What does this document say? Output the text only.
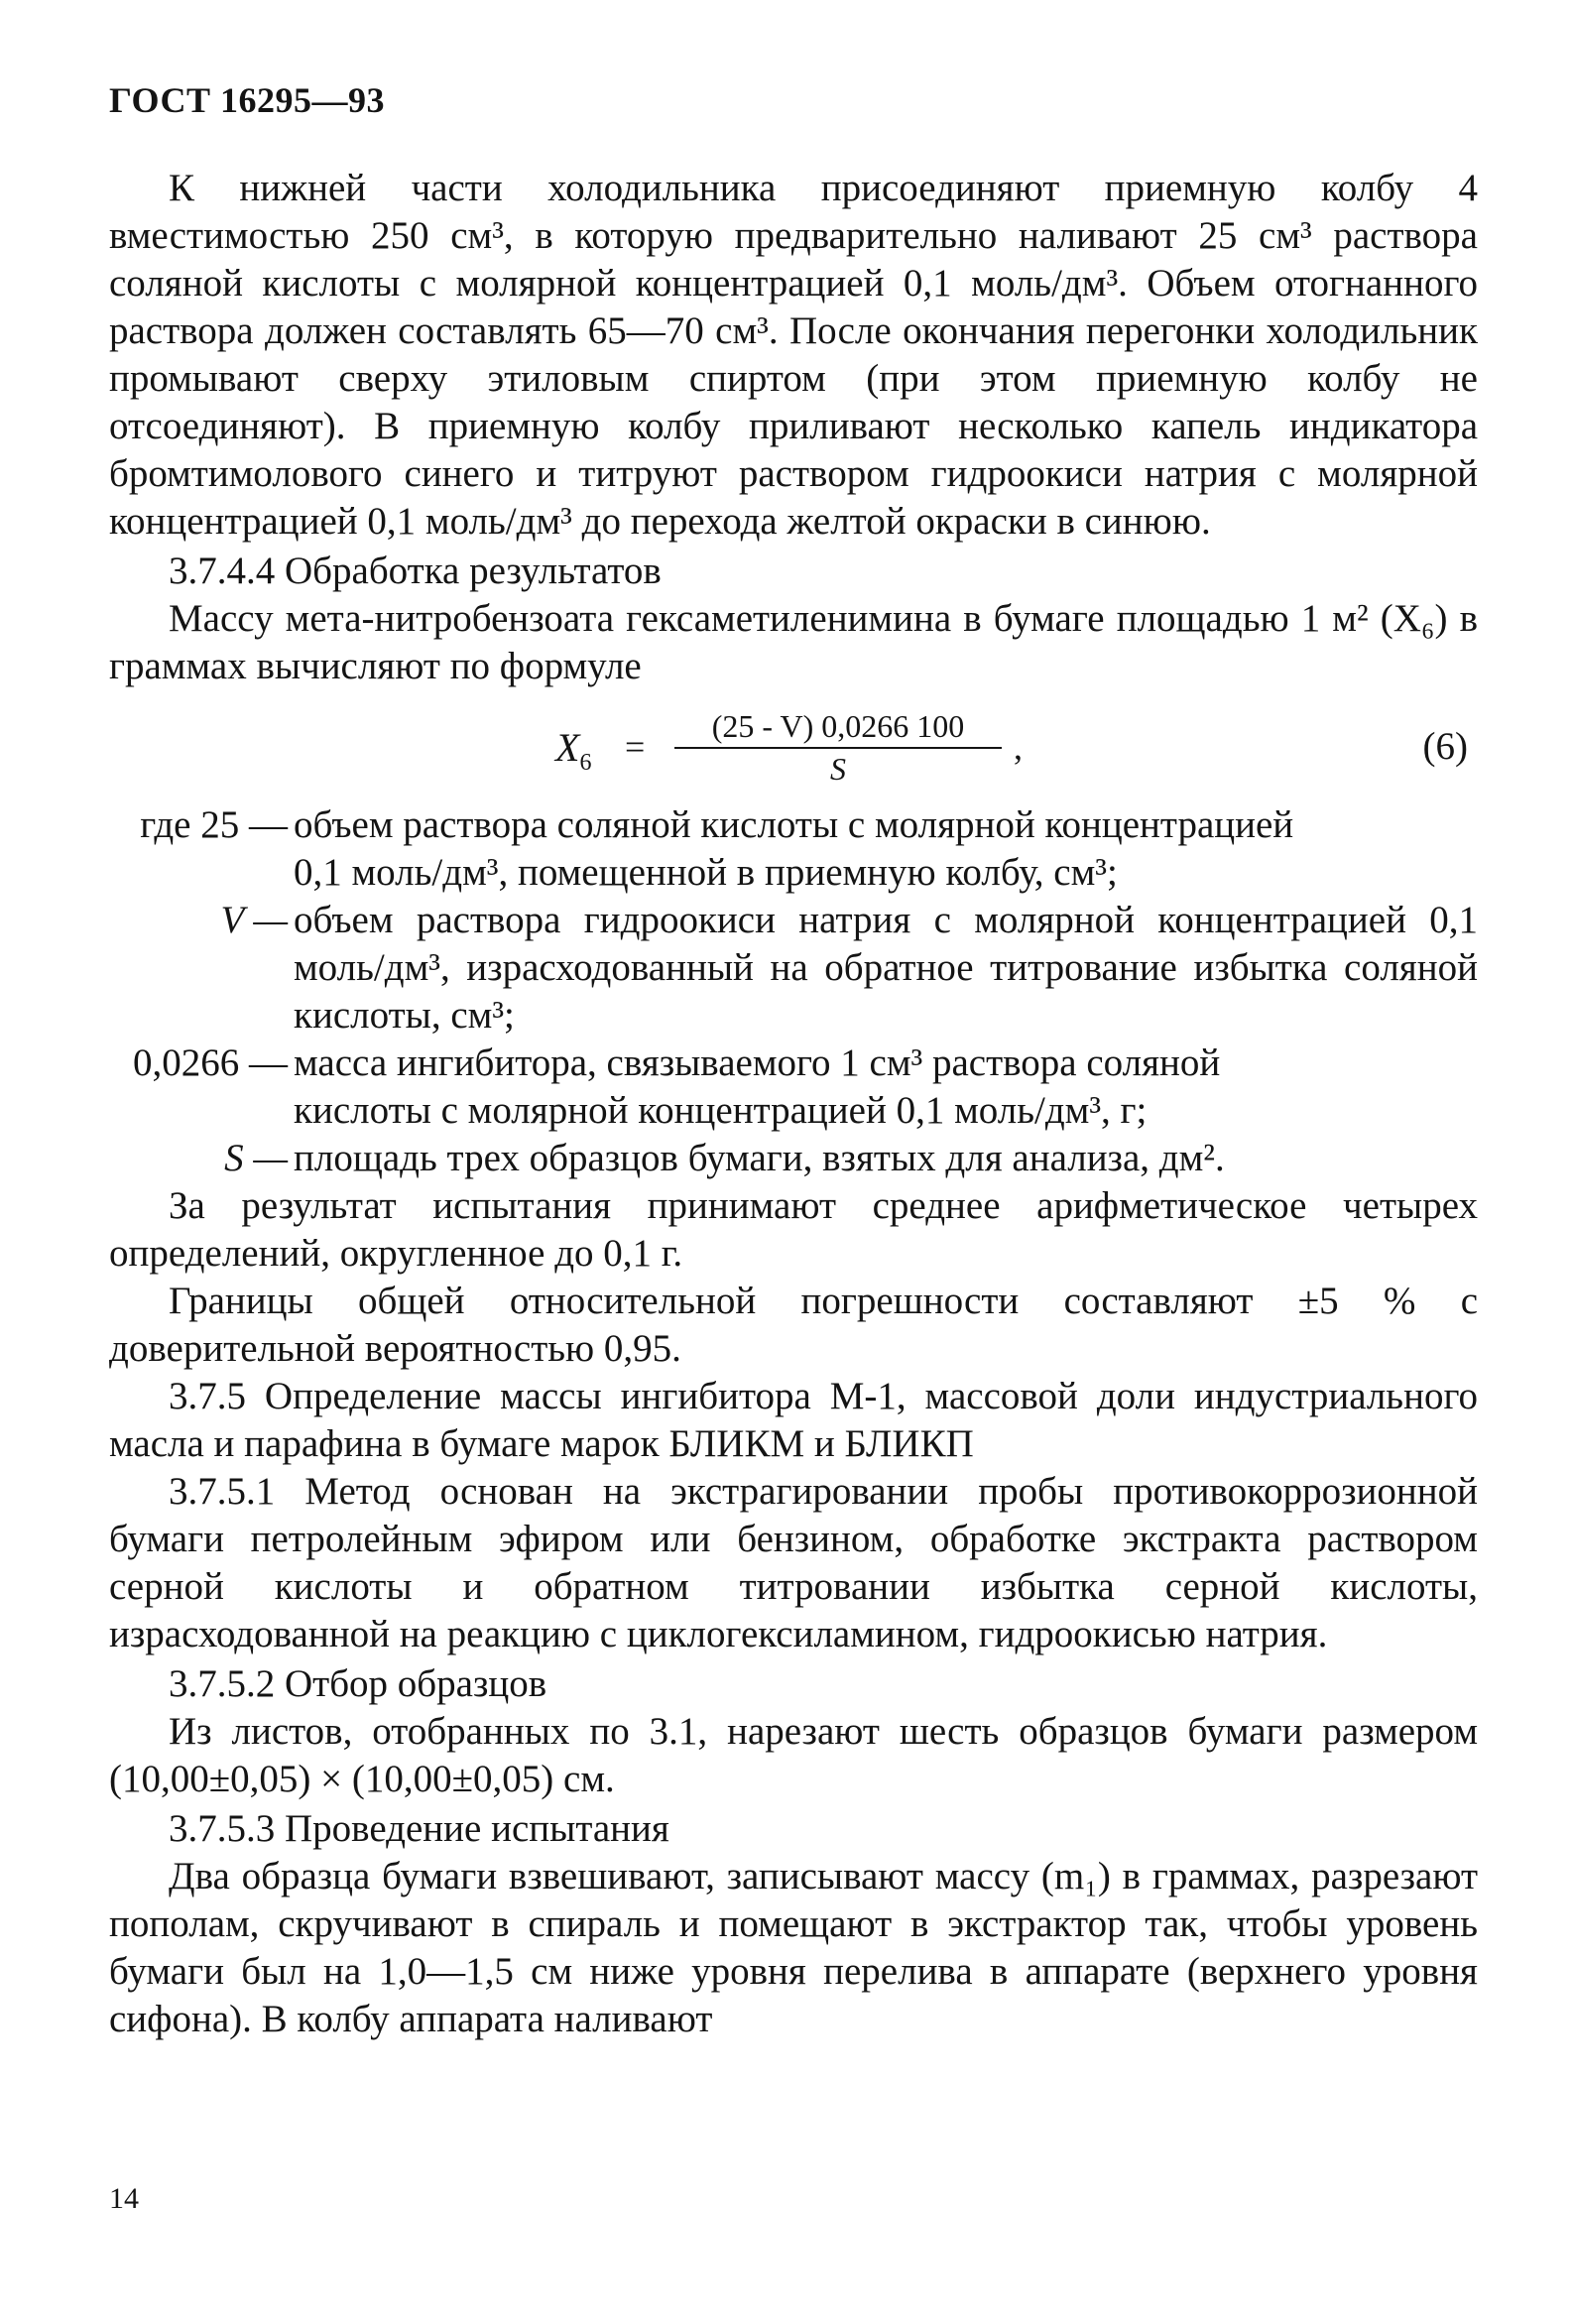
ГОСТ 16295—93

К нижней части холодильника присоединяют приемную колбу 4 вместимостью 250 см³, в которую предварительно наливают 25 см³ раствора соляной кислоты с молярной концентрацией 0,1 моль/дм³. Объем отогнанного раствора должен составлять 65—70 см³. После окончания перегонки холодильник промывают сверху этиловым спиртом (при этом приемную колбу не отсоединяют). В приемную колбу приливают несколько капель индикатора бромтимолового синего и титруют раствором гидроокиси натрия с молярной концентрацией 0,1 моль/дм³ до перехода желтой окраски в синюю.

3.7.4.4 Обработка результатов

Массу мета-нитробензоата гексаметиленимина в бумаге площадью 1 м² (X₆) в граммах вычисляют по формуле

$X_6 = \frac{(25 - V) 0,0266 100}{S}$ ,	(6)
где 25 — объем раствора соляной кислоты с молярной концентрацией
0,1 моль/дм³, помещенной в приемную колбу, см³;
V — объем раствора гидроокиси натрия с молярной концентрацией 0,1 моль/дм³, израсходованный на обратное титрование избытка соляной кислоты, см³;
0,0266 — масса ингибитора, связываемого 1 см³ раствора соляной
кислоты с молярной концентрацией 0,1 моль/дм³, г;
S — площадь трех образцов бумаги, взятых для анализа, дм².

За результат испытания принимают среднее арифметическое четырех определений, округленное до 0,1 г.

Границы общей относительной погрешности составляют ±5 % с доверительной вероятностью 0,95.

3.7.5 Определение массы ингибитора М-1, массовой доли индустриального масла и парафина в бумаге марок БЛИКМ и БЛИКП

3.7.5.1 Метод основан на экстрагировании пробы противокоррозионной бумаги петролейным эфиром или бензином, обработке экстракта раствором серной кислоты и обратном титровании избытка серной кислоты, израсходованной на реакцию с циклогексиламином, гидроокисью натрия.

3.7.5.2 Отбор образцов

Из листов, отобранных по 3.1, нарезают шесть образцов бумаги размером (10,00±0,05) × (10,00±0,05) см.

3.7.5.3 Проведение испытания

Два образца бумаги взвешивают, записывают массу (m₁) в граммах, разрезают пополам, скручивают в спираль и помещают в экстрактор так, чтобы уровень бумаги был на 1,0—1,5 см ниже уровня перелива в аппарате (верхнего уровня сифона). В колбу аппарата наливают

14
